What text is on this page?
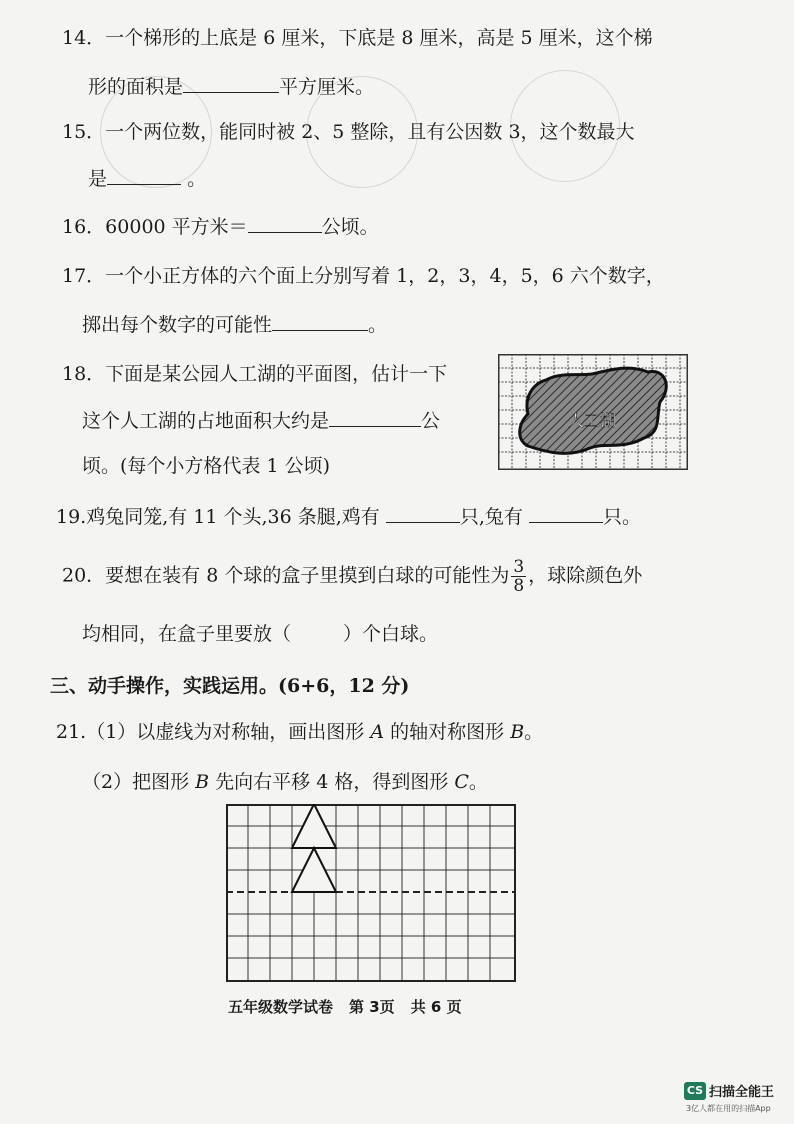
14．一个梯形的上底是 6 厘米，下底是 8 厘米，高是 5 厘米，这个梯
形的面积是	平方厘米。
15．一个两位数，能同时被 2、5 整除，且有公因数 3，这个数最大
是	。
16．60000 平方米＝	公顷。
17．一个小正方体的六个面上分别写着 1，2，3，4，5，6 六个数字，
掷出每个数字的可能性	。
18．下面是某公园人工湖的平面图，估计一下
这个人工湖的占地面积大约是	公
顷。(每个小方格代表 1 公顷)
人工湖
19.鸡兔同笼,有 11 个头,36 条腿,鸡有	只,兔有	只。
20．要想在装有 8 个球的盒子里摸到白球的可能性为 $\frac{3}{8}$ ，球除颜色外
均相同，在盒子里要放（	）个白球。
三、动手操作，实践运用。(6+6，12 分)
21.（1）以虚线为对称轴，画出图形 A 的轴对称图形 B。
（2）把图形 B 先向右平移 4 格，得到图形 C。
五年级数学试卷 第 3页 共 6 页
CS 扫描全能王
3亿人都在用的扫描App
